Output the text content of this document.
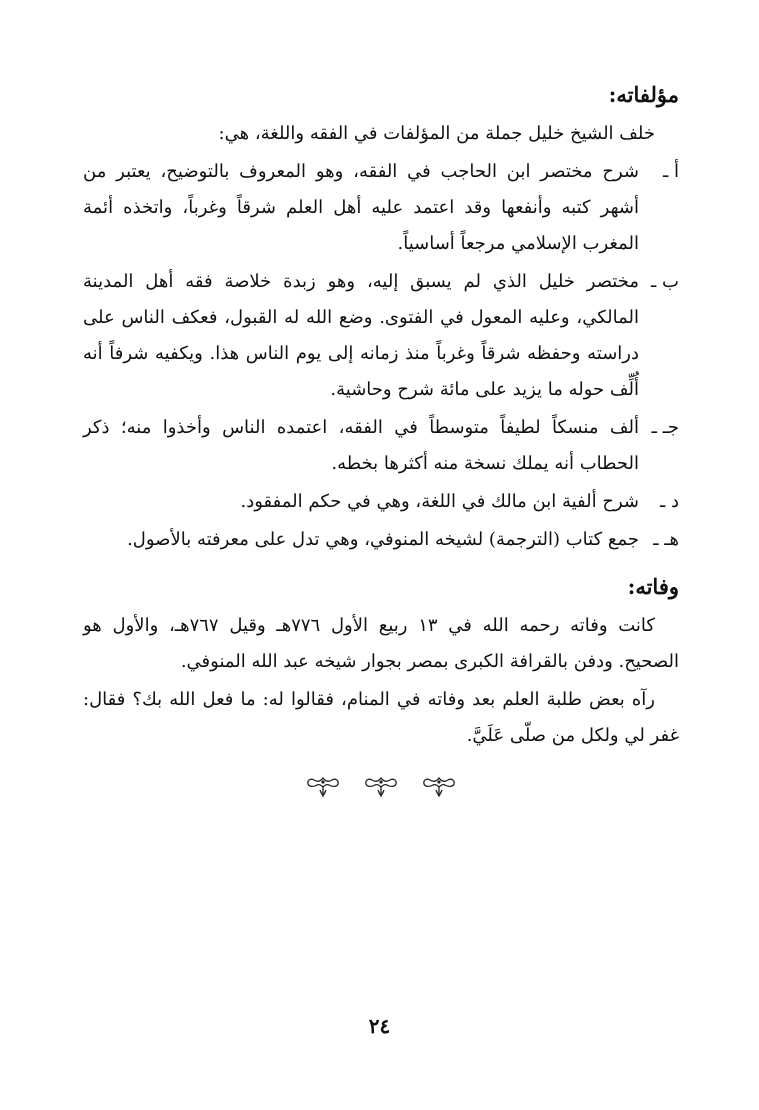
مؤلفاته:

خلف الشيخ خليل جملة من المؤلفات في الفقه واللغة، هي:

أ ـشرح مختصر ابن الحاجب في الفقه، وهو المعروف بالتوضيح، يعتبر من أشهر كتبه وأنفعها وقد اعتمد عليه أهل العلم شرقاً وغرباً، واتخذه أئمة المغرب الإسلامي مرجعاً أساسياً.
ب ـمختصر خليل الذي لم يسبق إليه، وهو زبدة خلاصة فقه أهل المدينة المالكي، وعليه المعول في الفتوى. وضع الله له القبول، فعكف الناس على دراسته وحفظه شرقاً وغرباً منذ زمانه إلى يوم الناس هذا. ويكفيه شرفاً أنه أُلِّف حوله ما يزيد على مائة شرح وحاشية.
جـ ـألف منسكاً لطيفاً متوسطاً في الفقه، اعتمده الناس وأخذوا منه؛ ذكر الحطاب أنه يملك نسخة منه أكثرها بخطه.
د ـشرح ألفية ابن مالك في اللغة، وهي في حكم المفقود.
هـ ـجمع كتاب (الترجمة) لشيخه المنوفي، وهي تدل على معرفته بالأصول.
وفاته:

كانت وفاته رحمه الله في ١٣ ربيع الأول ٧٧٦هـ وقيل ٧٦٧هـ، والأول هو الصحيح. ودفن بالقرافة الكبرى بمصر بجوار شيخه عبد الله المنوفي.

رآه بعض طلبة العلم بعد وفاته في المنام، فقالوا له: ما فعل الله بك؟ فقال: غفر لي ولكل من صلّى عَلَيَّ.

٢٤
